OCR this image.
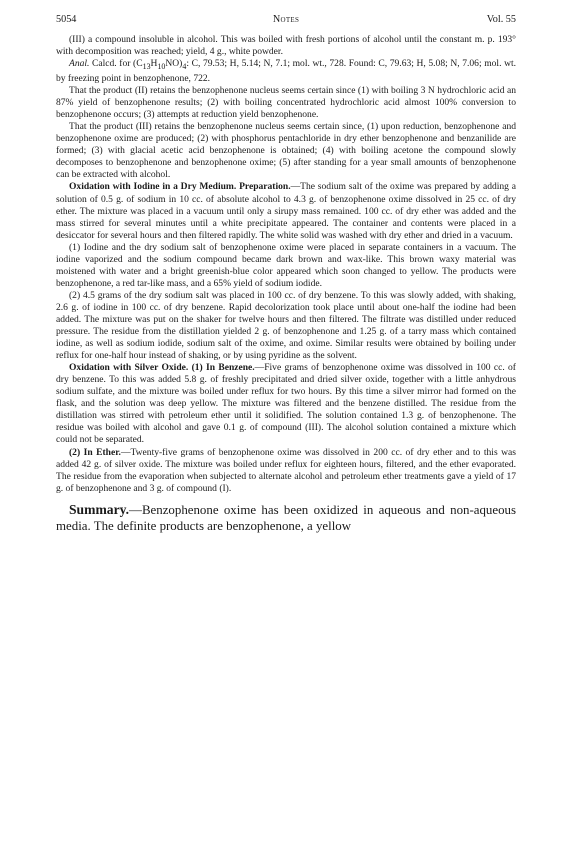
5054	Notes	Vol. 55

(III) a compound insoluble in alcohol. This was boiled with fresh portions of alcohol until the constant m. p. 193° with decomposition was reached; yield, 4 g., white powder.

Anal. Calcd. for $(C_{13}H_{10}NO)_4$: C, 79.53; H, 5.14; N, 7.1; mol. wt., 728. Found: C, 79.63; H, 5.08; N, 7.06; mol. wt. by freezing point in benzophenone, 722.

That the product (II) retains the benzophenone nucleus seems certain since (1) with boiling 3 N hydrochloric acid an 87% yield of benzophenone results; (2) with boiling concentrated hydrochloric acid almost 100% conversion to benzophenone occurs; (3) attempts at reduction yield benzophenone.

That the product (III) retains the benzophenone nucleus seems certain since, (1) upon reduction, benzophenone and benzophenone oxime are produced; (2) with phosphorus pentachloride in dry ether benzophenone and benzanilide are formed; (3) with glacial acetic acid benzophenone is obtained; (4) with boiling acetone the compound slowly decomposes to benzophenone and benzophenone oxime; (5) after standing for a year small amounts of benzophenone can be extracted with alcohol.

Oxidation with Iodine in a Dry Medium. Preparation.—The sodium salt of the oxime was prepared by adding a solution of 0.5 g. of sodium in 10 cc. of absolute alcohol to 4.3 g. of benzophenone oxime dissolved in 25 cc. of dry ether. The mixture was placed in a vacuum until only a sirupy mass remained. 100 cc. of dry ether was added and the mass stirred for several minutes until a white precipitate appeared. The container and contents were placed in a desiccator for several hours and then filtered rapidly. The white solid was washed with dry ether and dried in a vacuum.

(1) Iodine and the dry sodium salt of benzophenone oxime were placed in separate containers in a vacuum. The iodine vaporized and the sodium compound became dark brown and wax-like. This brown waxy material was moistened with water and a bright greenish-blue color appeared which soon changed to yellow. The products were benzophenone, a red tar-like mass, and a 65% yield of sodium iodide.

(2) 4.5 grams of the dry sodium salt was placed in 100 cc. of dry benzene. To this was slowly added, with shaking, 2.6 g. of iodine in 100 cc. of dry benzene. Rapid decolorization took place until about one-half the iodine had been added. The mixture was put on the shaker for twelve hours and then filtered. The filtrate was distilled under reduced pressure. The residue from the distillation yielded 2 g. of benzophenone and 1.25 g. of a tarry mass which contained iodine, as well as sodium iodide, sodium salt of the oxime, and oxime. Similar results were obtained by boiling under reflux for one-half hour instead of shaking, or by using pyridine as the solvent.

Oxidation with Silver Oxide. (1) In Benzene.—Five grams of benzophenone oxime was dissolved in 100 cc. of dry benzene. To this was added 5.8 g. of freshly precipitated and dried silver oxide, together with a little anhydrous sodium sulfate, and the mixture was boiled under reflux for two hours. By this time a silver mirror had formed on the flask, and the solution was deep yellow. The mixture was filtered and the benzene distilled. The residue from the distillation was stirred with petroleum ether until it solidified. The solution contained 1.3 g. of benzophenone. The residue was boiled with alcohol and gave 0.1 g. of compound (III). The alcohol solution contained a mixture which could not be separated.

(2) In Ether.—Twenty-five grams of benzophenone oxime was dissolved in 200 cc. of dry ether and to this was added 42 g. of silver oxide. The mixture was boiled under reflux for eighteen hours, filtered, and the ether evaporated. The residue from the evaporation when subjected to alternate alcohol and petroleum ether treatments gave a yield of 17 g. of benzophenone and 3 g. of compound (I).

Summary.—Benzophenone oxime has been oxidized in aqueous and non-aqueous media. The definite products are benzophenone, a yellow
